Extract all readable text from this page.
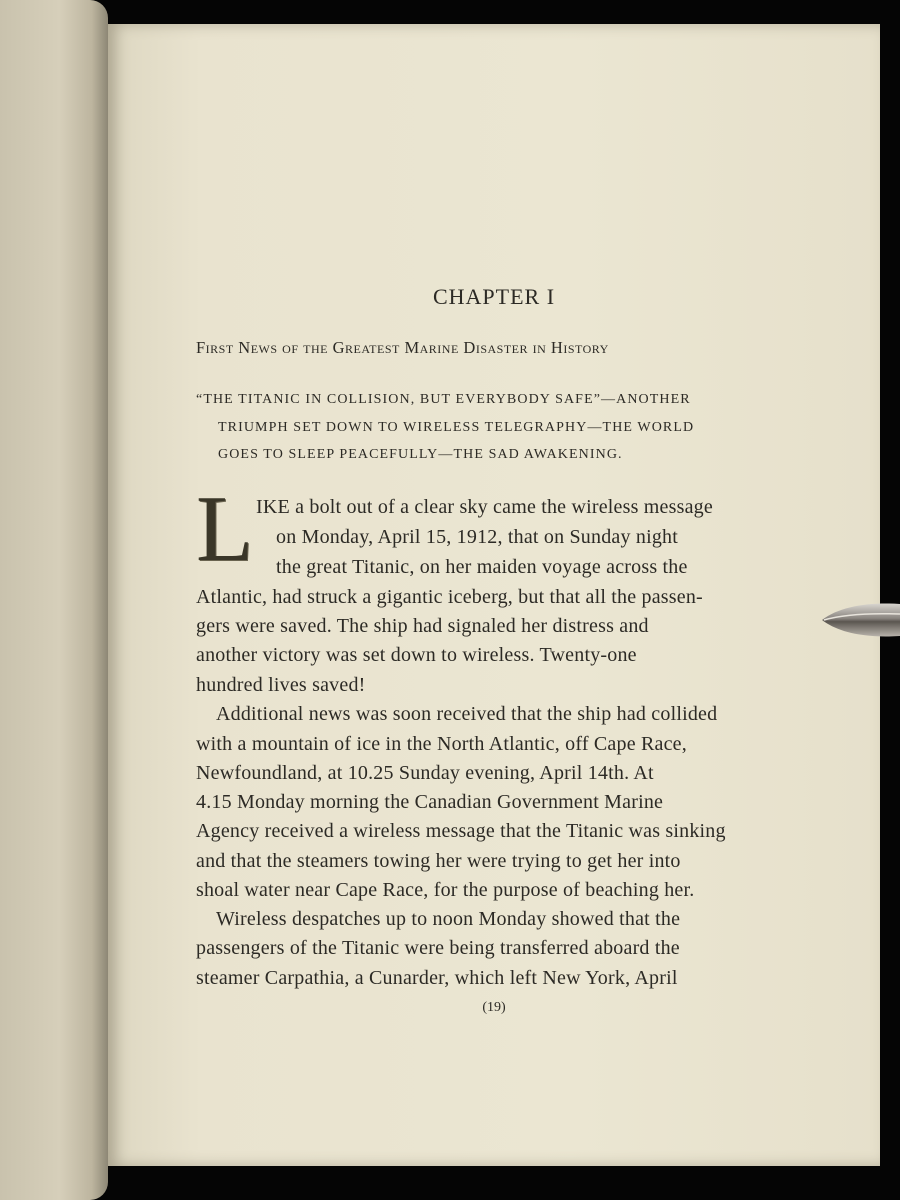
CHAPTER I
First News of the Greatest Marine Disaster in History
“THE TITANIC IN COLLISION, BUT EVERYBODY SAFE”—ANOTHER
TRIUMPH SET DOWN TO WIRELESS TELEGRAPHY—THE WORLD
GOES TO SLEEP PEACEFULLY—THE SAD AWAKENING.
L IKE a bolt out of a clear sky came the wireless message
on Monday, April 15, 1912, that on Sunday night
the great Titanic, on her maiden voyage across the
Atlantic, had struck a gigantic iceberg, but that all the passen-
gers were saved. The ship had signaled her distress and
another victory was set down to wireless. Twenty-one
hundred lives saved!
Additional news was soon received that the ship had collided
with a mountain of ice in the North Atlantic, off Cape Race,
Newfoundland, at 10.25 Sunday evening, April 14th. At
4.15 Monday morning the Canadian Government Marine
Agency received a wireless message that the Titanic was sinking
and that the steamers towing her were trying to get her into
shoal water near Cape Race, for the purpose of beaching her.
Wireless despatches up to noon Monday showed that the
passengers of the Titanic were being transferred aboard the
steamer Carpathia, a Cunarder, which left New York, April
(19)
